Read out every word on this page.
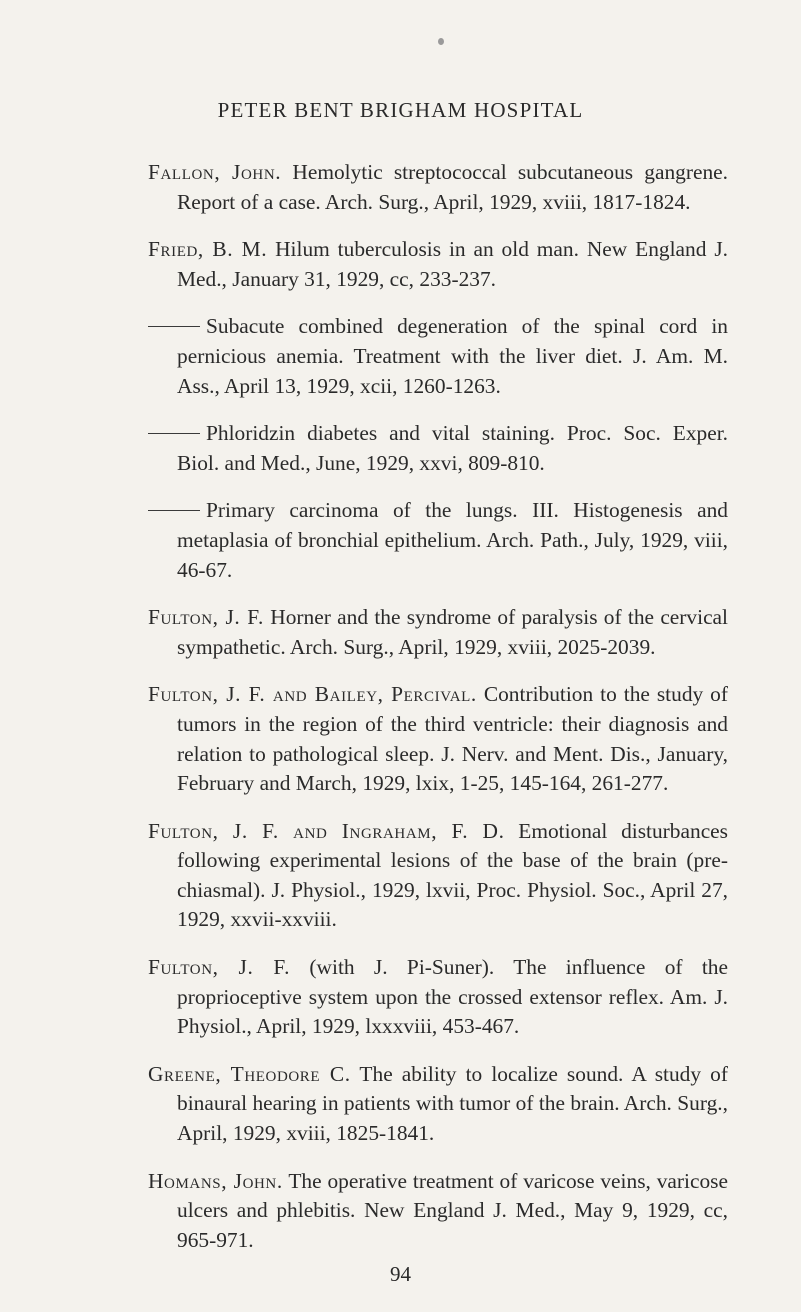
PETER BENT BRIGHAM HOSPITAL

Fallon, John. Hemolytic streptococcal subcutaneous gangrene. Report of a case. Arch. Surg., April, 1929, xviii, 1817-1824.

Fried, B. M. Hilum tuberculosis in an old man. New England J. Med., January 31, 1929, cc, 233-237.

Subacute combined degeneration of the spinal cord in pernicious anemia. Treatment with the liver diet. J. Am. M. Ass., April 13, 1929, xcii, 1260-1263.

Phloridzin diabetes and vital staining. Proc. Soc. Exper. Biol. and Med., June, 1929, xxvi, 809-810.

Primary carcinoma of the lungs. III. Histogenesis and metaplasia of bronchial epithelium. Arch. Path., July, 1929, viii, 46-67.

Fulton, J. F. Horner and the syndrome of paralysis of the cervical sympathetic. Arch. Surg., April, 1929, xviii, 2025-2039.

Fulton, J. F. and Bailey, Percival. Contribution to the study of tumors in the region of the third ventricle: their diagnosis and relation to pathological sleep. J. Nerv. and Ment. Dis., January, February and March, 1929, lxix, 1-25, 145-164, 261-277.

Fulton, J. F. and Ingraham, F. D. Emotional disturbances following experimental lesions of the base of the brain (pre-chiasmal). J. Physiol., 1929, lxvii, Proc. Physiol. Soc., April 27, 1929, xxvii-xxviii.

Fulton, J. F. (with J. Pi-Suner). The influence of the proprioceptive system upon the crossed extensor reflex. Am. J. Physiol., April, 1929, lxxxviii, 453-467.

Greene, Theodore C. The ability to localize sound. A study of binaural hearing in patients with tumor of the brain. Arch. Surg., April, 1929, xviii, 1825-1841.

Homans, John. The operative treatment of varicose veins, varicose ulcers and phlebitis. New England J. Med., May 9, 1929, cc, 965-971.

94
